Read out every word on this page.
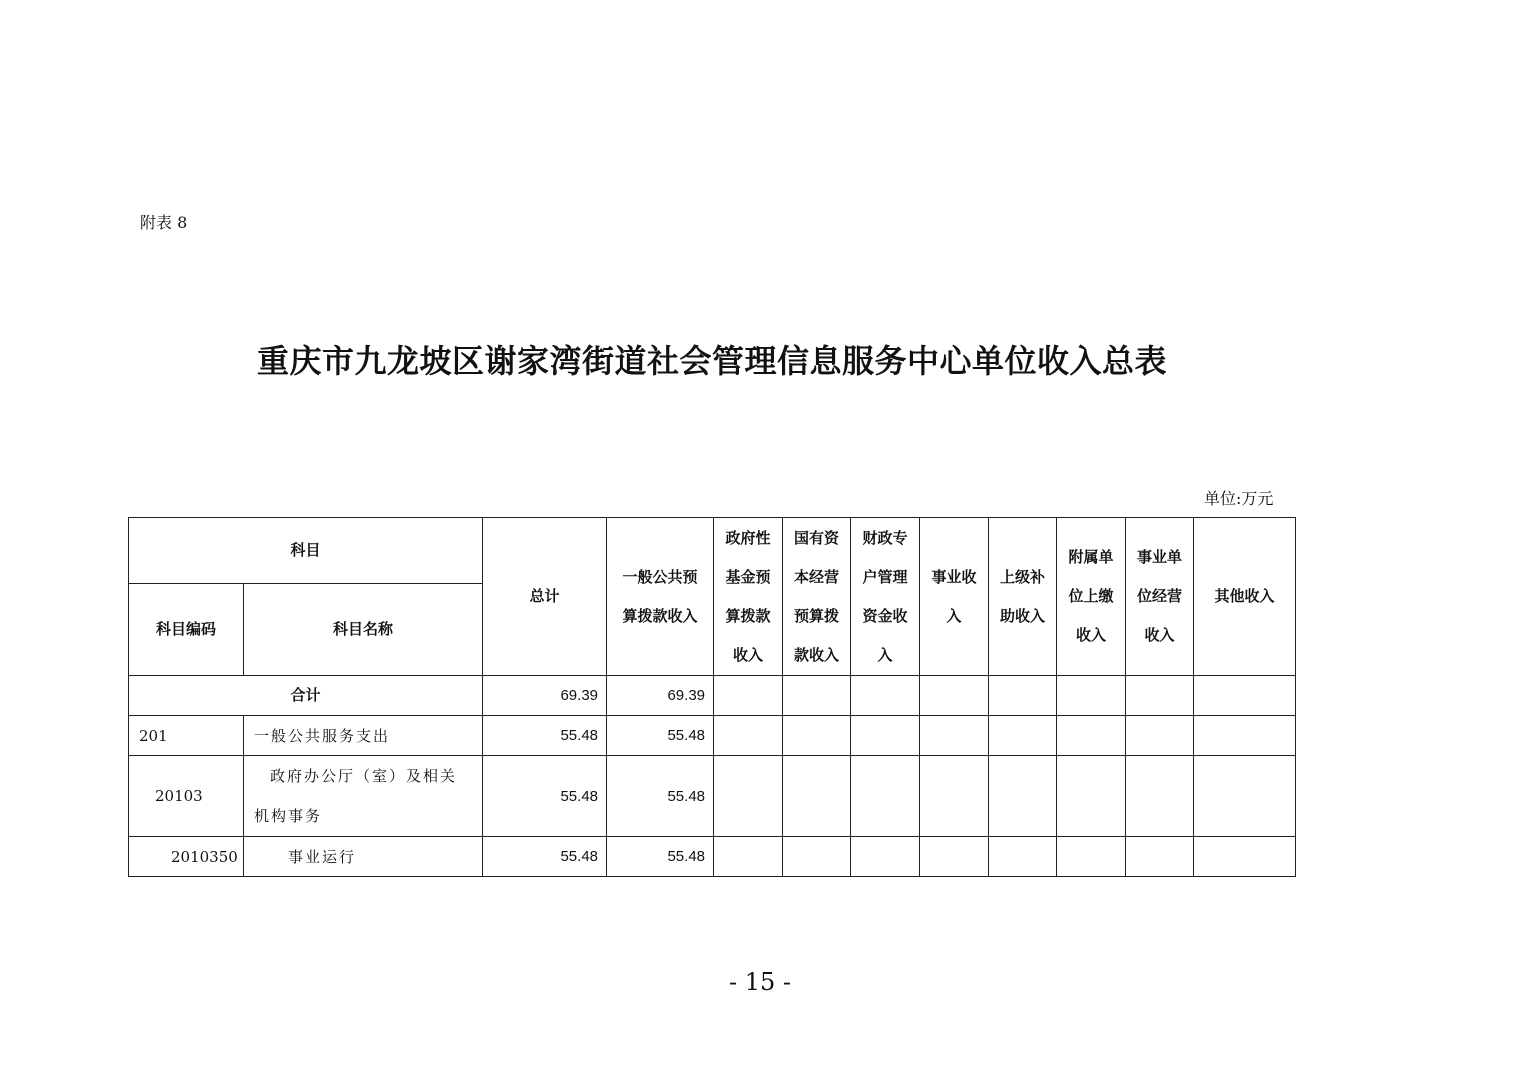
附表 8
重庆市九龙坡区谢家湾街道社会管理信息服务中心单位收入总表
单位:万元
科目		总计	一般公共预算拨款收入	政府性基金预算拨款收入	国有资本经营预算拨款收入	财政专户管理资金收入	事业收入	上级补助收入	附属单位上缴收入	事业单位经营收入	其他收入
科目编码	科目名称										
合计		69.39	69.39								
201	一般公共服务支出	55.48	55.48								
20103	政府办公厅（室）及相关机构事务	55.48	55.48								
2010350	事业运行	55.48	55.48								
- 15 -
